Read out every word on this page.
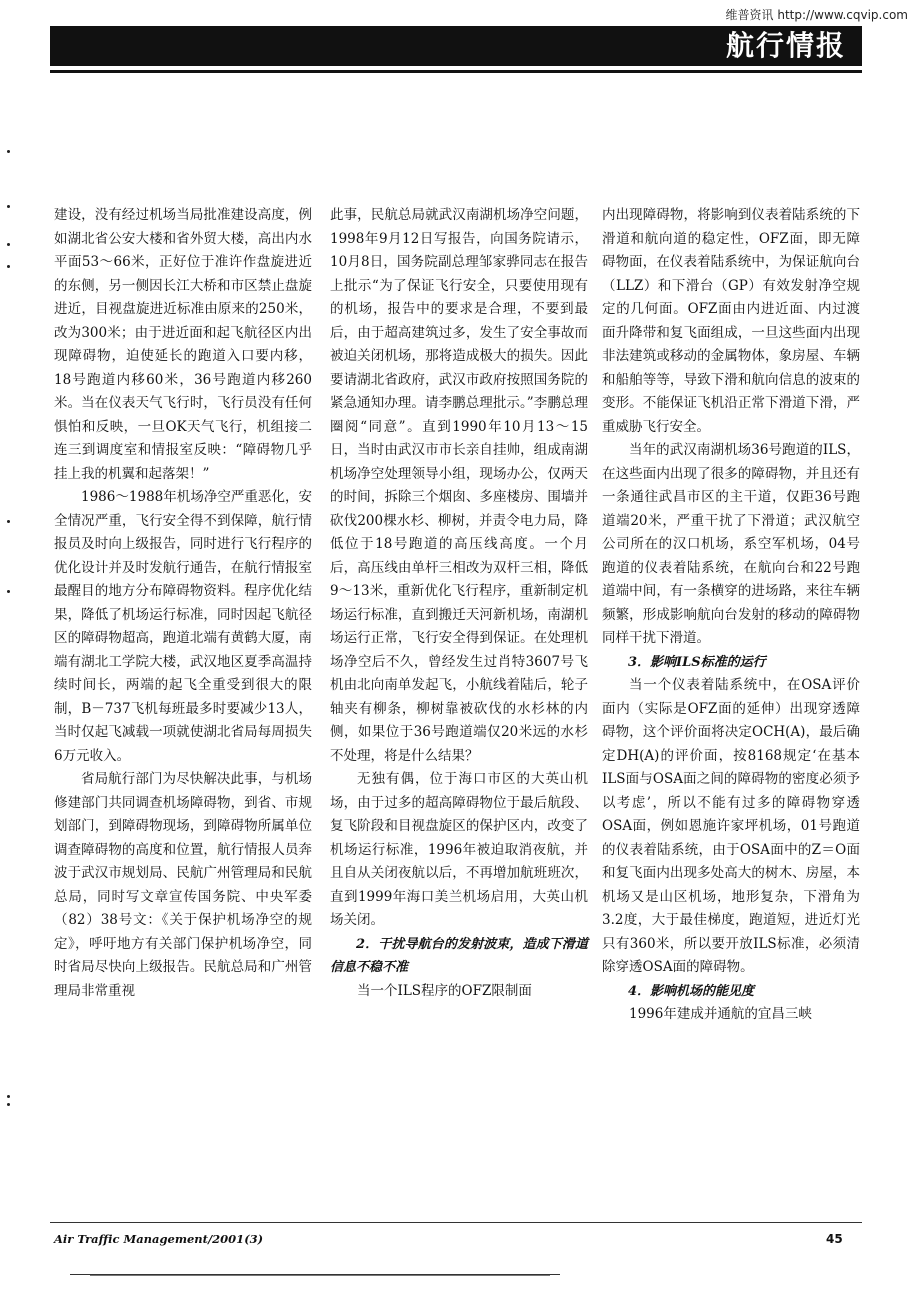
维普资讯 http://www.cqvip.com
航行情报

建设，没有经过机场当局批准建设高度，例如湖北省公安大楼和省外贸大楼，高出内水平面53～66米，正好位于准许作盘旋进近的东侧，另一侧因长江大桥和市区禁止盘旋进近，目视盘旋进近标准由原来的250米，改为300米；由于进近面和起飞航径区内出现障碍物，迫使延长的跑道入口要内移，18号跑道内移60米，36号跑道内移260米。当在仪表天气飞行时，飞行员没有任何惧怕和反映，一旦OK天气飞行，机组接二连三到调度室和情报室反映：“障碍物几乎挂上我的机翼和起落架！”

1986～1988年机场净空严重恶化，安全情况严重，飞行安全得不到保障，航行情报员及时向上级报告，同时进行飞行程序的优化设计并及时发航行通告，在航行情报室最醒目的地方分布障碍物资料。程序优化结果，降低了机场运行标准，同时因起飞航径区的障碍物超高，跑道北端有黄鹤大厦，南端有湖北工学院大楼，武汉地区夏季高温持续时间长，两端的起飞全重受到很大的限制，B－737飞机每班最多时要减少13人，当时仅起飞减载一项就使湖北省局每周损失6万元收入。

省局航行部门为尽快解决此事，与机场修建部门共同调查机场障碍物，到省、市规划部门，到障碍物现场，到障碍物所属单位调查障碍物的高度和位置，航行情报人员奔波于武汉市规划局、民航广州管理局和民航总局，同时写文章宣传国务院、中央军委（82）38号文：《关于保护机场净空的规定》，呼吁地方有关部门保护机场净空，同时省局尽快向上级报告。民航总局和广州管理局非常重视

此事，民航总局就武汉南湖机场净空问题，1998年9月12日写报告，向国务院请示，10月8日，国务院副总理邹家骅同志在报告上批示“为了保证飞行安全，只要使用现有的机场，报告中的要求是合理，不要到最后，由于超高建筑过多，发生了安全事故而被迫关闭机场，那将造成极大的损失。因此要请湖北省政府，武汉市政府按照国务院的紧急通知办理。请李鹏总理批示。”李鹏总理圈阅“同意”。直到1990年10月13～15日，当时由武汉市市长亲自挂帅，组成南湖机场净空处理领导小组，现场办公，仅两天的时间，拆除三个烟囱、多座楼房、围墙并砍伐200棵水杉、柳树，并责令电力局，降低位于18号跑道的高压线高度。一个月后，高压线由单杆三相改为双杆三相，降低9～13米，重新优化飞行程序，重新制定机场运行标准，直到搬迁天河新机场，南湖机场运行正常，飞行安全得到保证。在处理机场净空后不久，曾经发生过肖特3607号飞机由北向南单发起飞，小航线着陆后，轮子轴夹有柳条，柳树靠被砍伐的水杉林的内侧，如果位于36号跑道端仅20米远的水杉不处理，将是什么结果？

无独有偶，位于海口市区的大英山机场，由于过多的超高障碍物位于最后航段、复飞阶段和目视盘旋区的保护区内，改变了机场运行标准，1996年被迫取消夜航，并且自从关闭夜航以后，不再增加航班班次，直到1999年海口美兰机场启用，大英山机场关闭。

2．干扰导航台的发射波束，造成下滑道信息不稳不准

当一个ILS程序的OFZ限制面

内出现障碍物，将影响到仪表着陆系统的下滑道和航向道的稳定性，OFZ面，即无障碍物面，在仪表着陆系统中，为保证航向台（LLZ）和下滑台（GP）有效发射净空规定的几何面。OFZ面由内进近面、内过渡面升降带和复飞面组成，一旦这些面内出现非法建筑或移动的金属物体，象房屋、车辆和船舶等等，导致下滑和航向信息的波束的变形。不能保证飞机沿正常下滑道下滑，严重威胁飞行安全。

当年的武汉南湖机场36号跑道的ILS，在这些面内出现了很多的障碍物，并且还有一条通往武昌市区的主干道，仅距36号跑道端20米，严重干扰了下滑道；武汉航空公司所在的汉口机场，系空军机场，04号跑道的仪表着陆系统，在航向台和22号跑道端中间，有一条横穿的进场路，来往车辆频繁，形成影响航向台发射的移动的障碍物同样干扰下滑道。

3．影响ILS标准的运行

当一个仪表着陆系统中，在OSA评价面内（实际是OFZ面的延伸）出现穿透障碍物，这个评价面将决定OCH(A)，最后确定DH(A)的评价面，按8168规定‘在基本ILS面与OSA面之间的障碍物的密度必须予以考虑’，所以不能有过多的障碍物穿透OSA面，例如恩施许家坪机场，01号跑道的仪表着陆系统，由于OSA面中的Z＝O面和复飞面内出现多处高大的树木、房屋，本机场又是山区机场，地形复杂，下滑角为3.2度，大于最佳梯度，跑道短，进近灯光只有360米，所以要开放ILS标准，必须清除穿透OSA面的障碍物。

4．影响机场的能见度

1996年建成并通航的宜昌三峡

Air Traffic Management/2001(3)	45
